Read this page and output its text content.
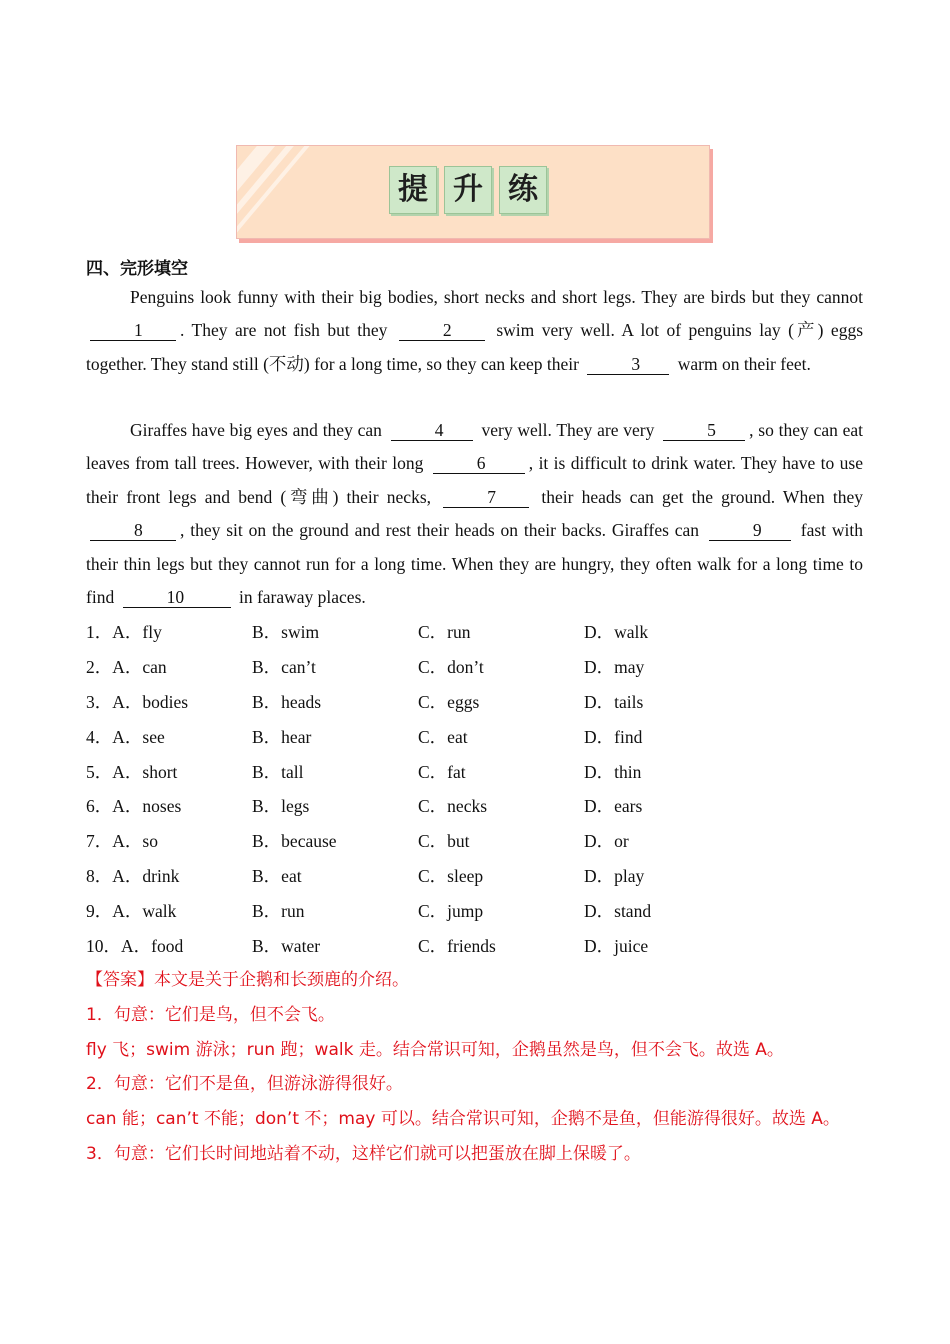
提 升 练
四、完形填空
Penguins look funny with their big bodies, short necks and short legs. They are birds but they cannot 1 . They are not fish but they	2	swim very well. A lot of penguins lay (产) eggs together. They stand still (不动) for a long time, so they can keep their	3 warm on their feet.
Giraffes have big eyes and they can	4 very well. They are very	5 , so they can eat leaves from tall trees. However, with their long	6 , it is difficult to drink water. They have to use their front legs and bend (弯曲) their necks,	7	their heads can get the ground. When they 8 , they sit on the ground and rest their heads on their backs. Giraffes can	9 fast with their thin legs but they cannot run for a long time. When they are hungry, they often walk for a long time to find	10	in faraway places.
1．A．fly	B．swim	C．run	D．walk
2．A．can	B．can’t	C．don’t	D．may
3．A．bodies	B．heads	C．eggs	D．tails
4．A．see	B．hear	C．eat	D．find
5．A．short	B．tall	C．fat	D．thin
6．A．noses	B．legs	C．necks	D．ears
7．A．so	B．because	C．but	D．or
8．A．drink	B．eat	C．sleep	D．play
9．A．walk	B．run	C．jump	D．stand
10．A．food	B．water	C．friends	D．juice
【答案】本文是关于企鹅和长颈鹿的介绍。
1．句意：它们是鸟，但不会飞。
fly 飞；swim 游泳；run 跑；walk 走。结合常识可知，企鹅虽然是鸟，但不会飞。故选 A。
2．句意：它们不是鱼，但游泳游得很好。
can 能；can’t 不能；don’t 不；may 可以。结合常识可知，企鹅不是鱼，但能游得很好。故选 A。
3．句意：它们长时间地站着不动，这样它们就可以把蛋放在脚上保暖了。
